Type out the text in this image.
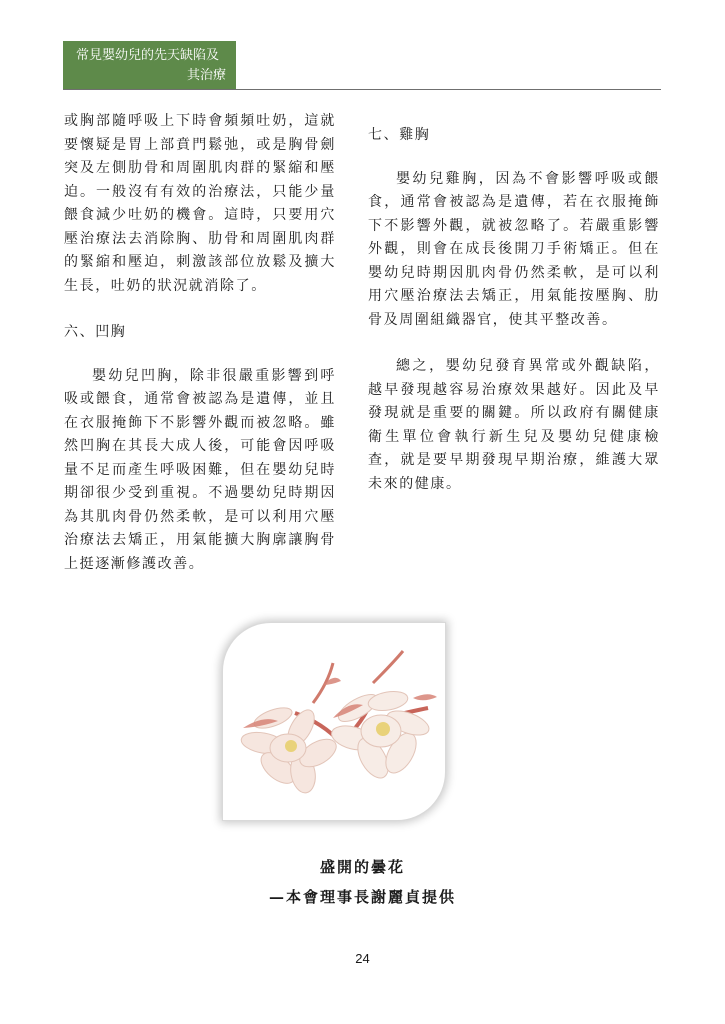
常見嬰幼兒的先天缺陷及
其治療

或胸部隨呼吸上下時會頻頻吐奶，這就要懷疑是胃上部賁門鬆弛，或是胸骨劍突及左側肋骨和周圍肌肉群的緊縮和壓迫。一般沒有有效的治療法，只能少量餵食減少吐奶的機會。這時，只要用穴壓治療法去消除胸、肋骨和周圍肌肉群的緊縮和壓迫，刺激該部位放鬆及擴大生長，吐奶的狀況就消除了。

六、凹胸

嬰幼兒凹胸，除非很嚴重影響到呼吸或餵食，通常會被認為是遺傳，並且在衣服掩飾下不影響外觀而被忽略。雖然凹胸在其長大成人後，可能會因呼吸量不足而產生呼吸困難，但在嬰幼兒時期卻很少受到重視。不過嬰幼兒時期因為其肌肉骨仍然柔軟，是可以利用穴壓治療法去矯正，用氣能擴大胸廓讓胸骨上挺逐漸修護改善。

七、雞胸

嬰幼兒雞胸，因為不會影響呼吸或餵食，通常會被認為是遺傳，若在衣服掩飾下不影響外觀，就被忽略了。若嚴重影響外觀，則會在成長後開刀手術矯正。但在嬰幼兒時期因肌肉骨仍然柔軟，是可以利用穴壓治療法去矯正，用氣能按壓胸、肋骨及周圍組織器官，使其平整改善。

總之，嬰幼兒發育異常或外觀缺陷，越早發現越容易治療效果越好。因此及早發現就是重要的關鍵。所以政府有關健康衛生單位會執行新生兒及嬰幼兒健康檢查，就是要早期發現早期治療，維護大眾未來的健康。

盛開的曇花
—本會理事長謝麗貞提供
24
